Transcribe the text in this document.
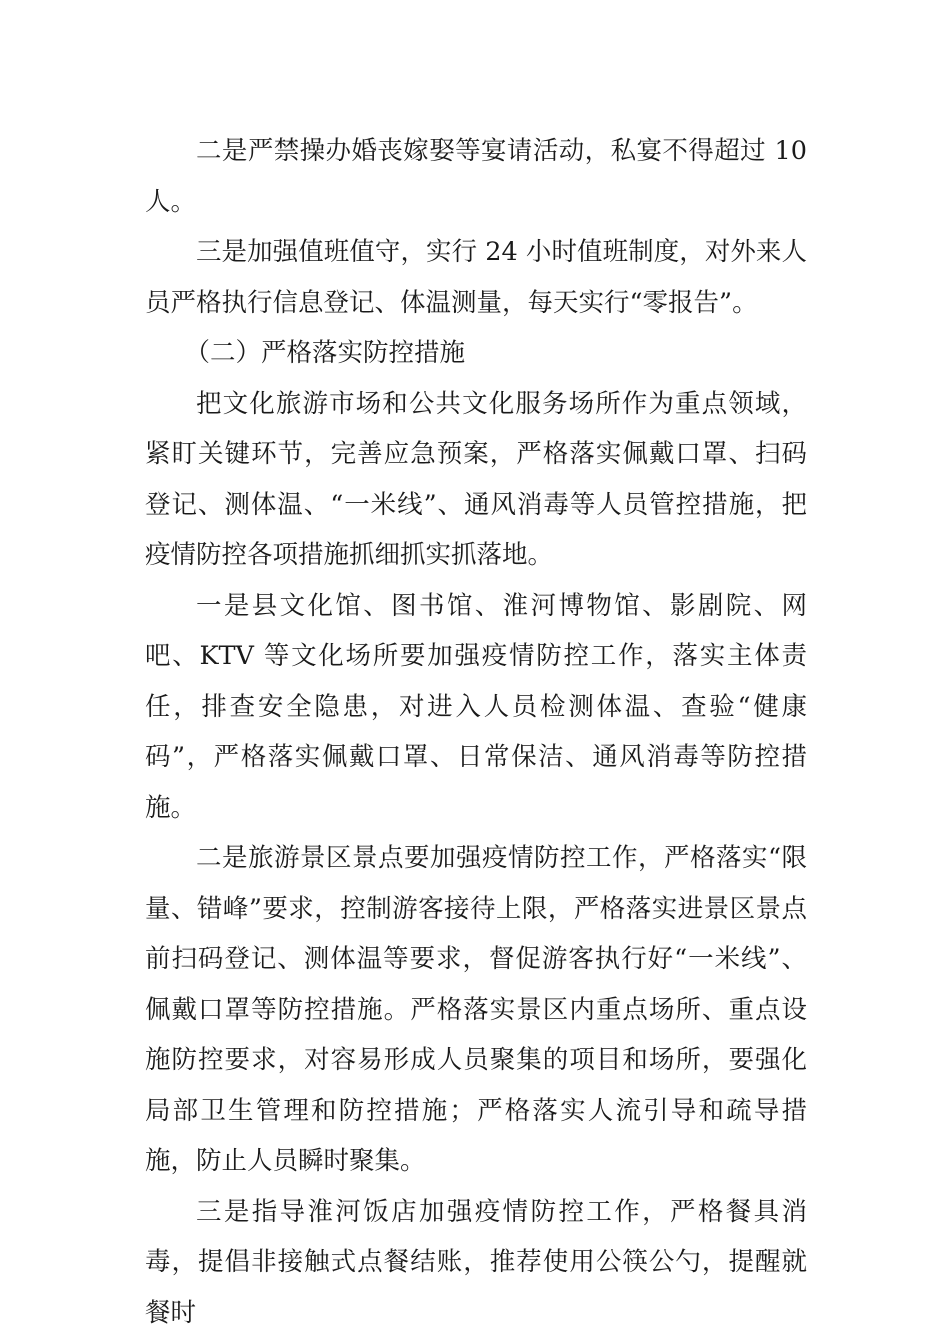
二是严禁操办婚丧嫁娶等宴请活动，私宴不得超过 10 人。

三是加强值班值守，实行 24 小时值班制度，对外来人员严格执行信息登记、体温测量，每天实行“零报告”。

（二）严格落实防控措施

把文化旅游市场和公共文化服务场所作为重点领域，紧盯关键环节，完善应急预案，严格落实佩戴口罩、扫码登记、测体温、“一米线”、通风消毒等人员管控措施，把疫情防控各项措施抓细抓实抓落地。

一是县文化馆、图书馆、淮河博物馆、影剧院、网吧、KTV 等文化场所要加强疫情防控工作，落实主体责任，排查安全隐患，对进入人员检测体温、查验“健康码”，严格落实佩戴口罩、日常保洁、通风消毒等防控措施。

二是旅游景区景点要加强疫情防控工作，严格落实“限量、错峰”要求，控制游客接待上限，严格落实进景区景点前扫码登记、测体温等要求，督促游客执行好“一米线”、佩戴口罩等防控措施。严格落实景区内重点场所、重点设施防控要求，对容易形成人员聚集的项目和场所，要强化局部卫生管理和防控措施；严格落实人流引导和疏导措施，防止人员瞬时聚集。

三是指导淮河饭店加强疫情防控工作，严格餐具消毒，提倡非接触式点餐结账，推荐使用公筷公勺，提醒就餐时
